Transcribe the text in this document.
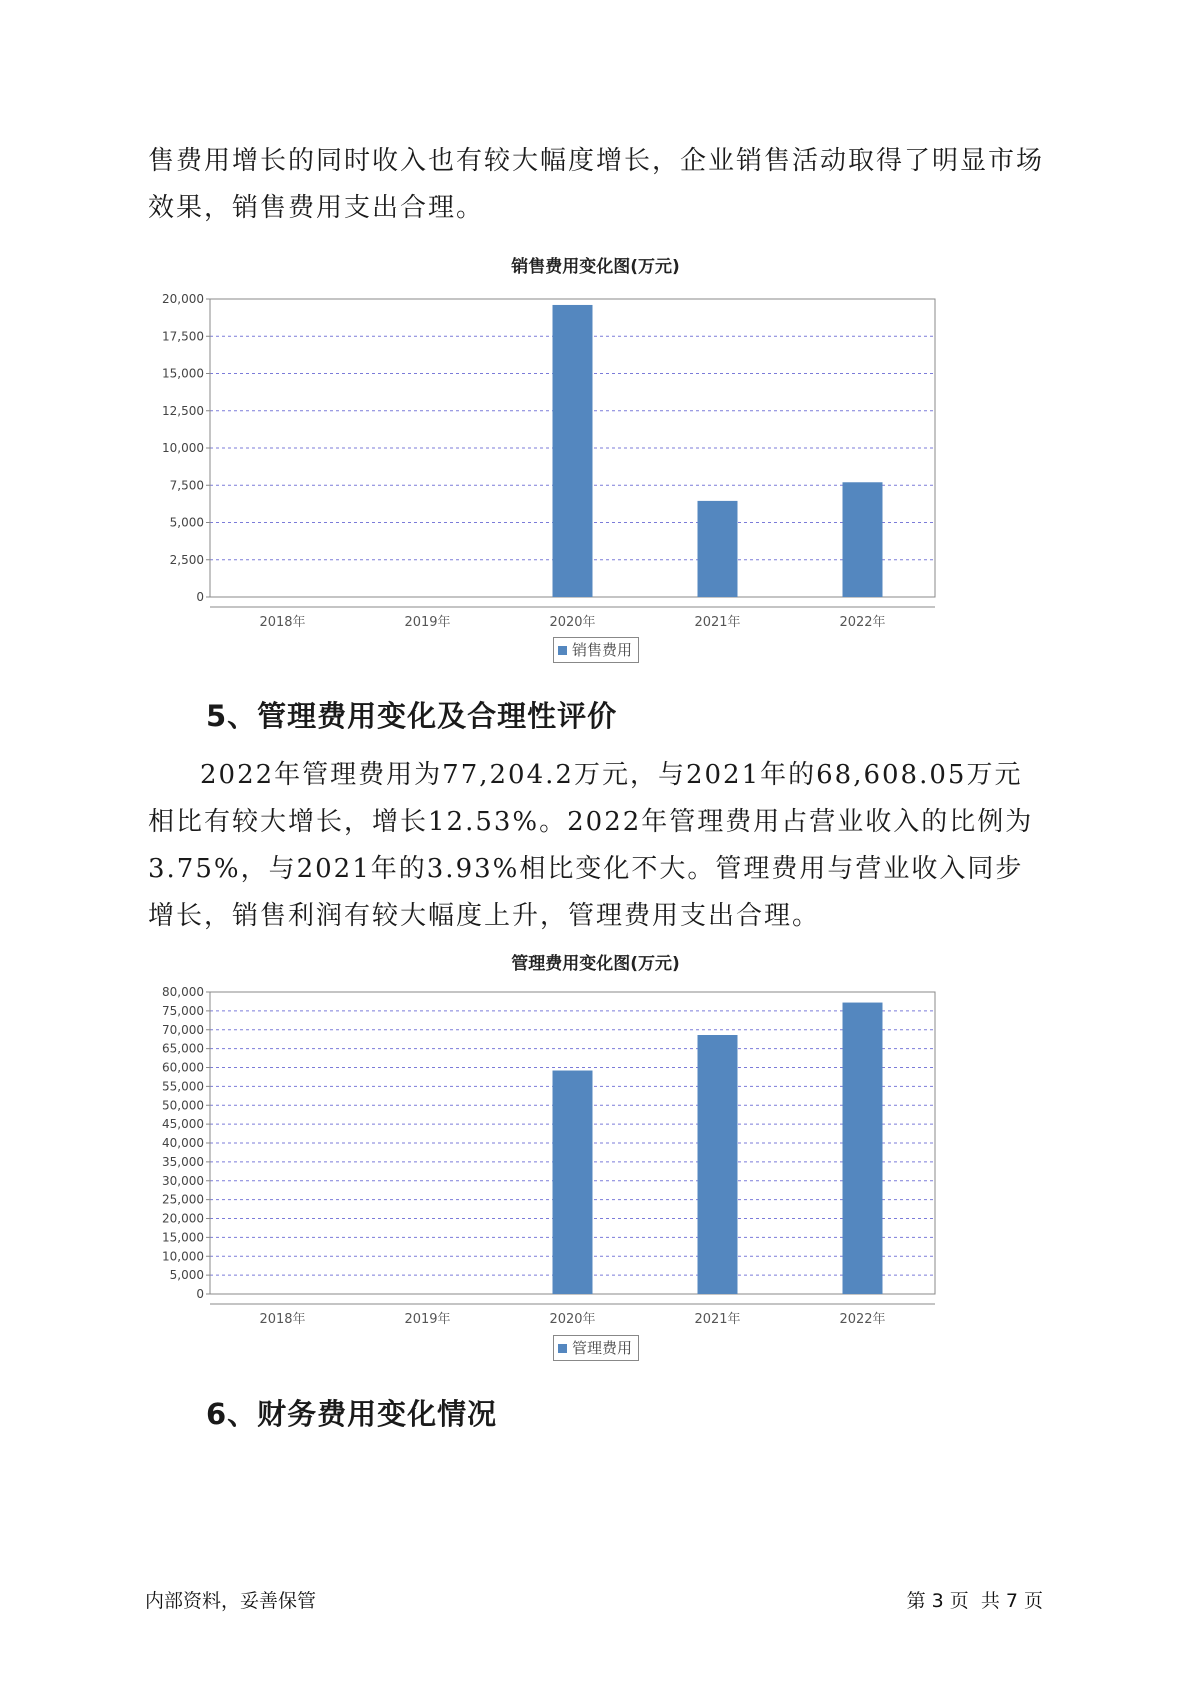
售费用增长的同时收入也有较大幅度增长，企业销售活动取得了明显市场
效果，销售费用支出合理。

销售费用变化图(万元)
0
2,500
5,000
7,500
10,000
12,500
15,000
17,500
20,000
2018年	2019年	2020年	2021年	2022年
销售费用
5、管理费用变化及合理性评价

2022年管理费用为77,204.2万元，与2021年的68,608.05万元相比有较大增长，增长12.53%。2022年管理费用占营业收入的比例为3.75%，与2021年的3.93%相比变化不大。管理费用与营业收入同步增长，销售利润有较大幅度上升，管理费用支出合理。

管理费用变化图(万元)
0
5,000
10,000
15,000
20,000
25,000
30,000
35,000
40,000
45,000
50,000
55,000
60,000
65,000
70,000
75,000
80,000
2018年	2019年	2020年	2021年	2022年
管理费用
6、财务费用变化情况
内部资料，妥善保管	第 3 页  共 7 页
